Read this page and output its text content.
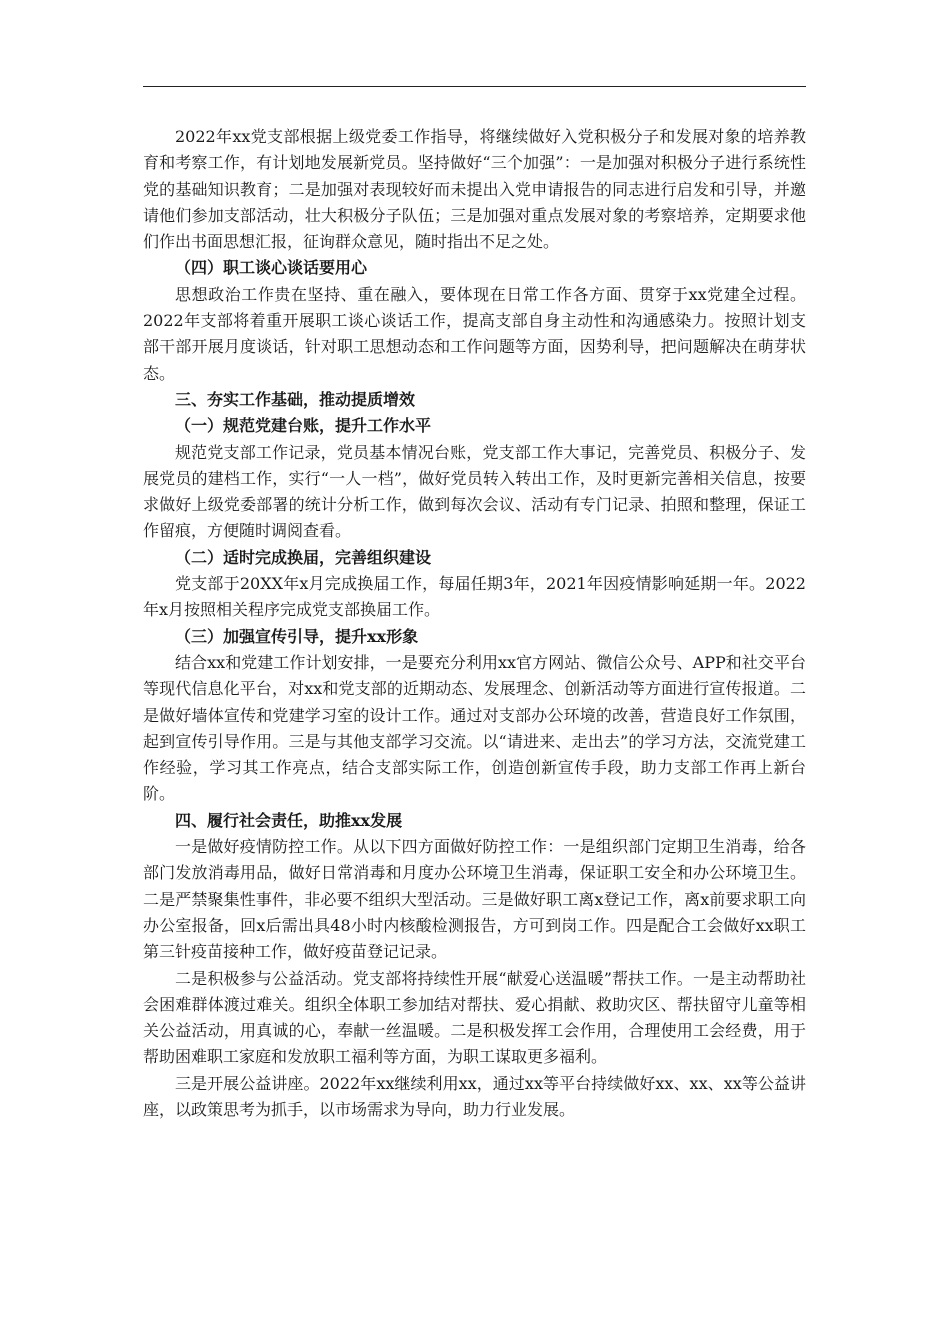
2022年xx党支部根据上级党委工作指导，将继续做好入党积极分子和发展对象的培养教育和考察工作，有计划地发展新党员。坚持做好“三个加强”：一是加强对积极分子进行系统性党的基础知识教育；二是加强对表现较好而未提出入党申请报告的同志进行启发和引导，并邀请他们参加支部活动，壮大积极分子队伍；三是加强对重点发展对象的考察培养，定期要求他们作出书面思想汇报，征询群众意见，随时指出不足之处。

（四）职工谈心谈话要用心

思想政治工作贵在坚持、重在融入，要体现在日常工作各方面、贯穿于xx党建全过程。2022年支部将着重开展职工谈心谈话工作，提高支部自身主动性和沟通感染力。按照计划支部干部开展月度谈话，针对职工思想动态和工作问题等方面，因势利导，把问题解决在萌芽状态。

三、夯实工作基础，推动提质增效

（一）规范党建台账，提升工作水平

规范党支部工作记录，党员基本情况台账，党支部工作大事记，完善党员、积极分子、发展党员的建档工作，实行“一人一档”，做好党员转入转出工作，及时更新完善相关信息，按要求做好上级党委部署的统计分析工作，做到每次会议、活动有专门记录、拍照和整理，保证工作留痕，方便随时调阅查看。

（二）适时完成换届，完善组织建设

党支部于20XX年x月完成换届工作，每届任期3年，2021年因疫情影响延期一年。2022年x月按照相关程序完成党支部换届工作。

（三）加强宣传引导，提升xx形象

结合xx和党建工作计划安排，一是要充分利用xx官方网站、微信公众号、APP和社交平台等现代信息化平台，对xx和党支部的近期动态、发展理念、创新活动等方面进行宣传报道。二是做好墙体宣传和党建学习室的设计工作。通过对支部办公环境的改善，营造良好工作氛围，起到宣传引导作用。三是与其他支部学习交流。以“请进来、走出去”的学习方法，交流党建工作经验，学习其工作亮点，结合支部实际工作，创造创新宣传手段，助力支部工作再上新台阶。

四、履行社会责任，助推xx发展

一是做好疫情防控工作。从以下四方面做好防控工作：一是组织部门定期卫生消毒，给各部门发放消毒用品，做好日常消毒和月度办公环境卫生消毒，保证职工安全和办公环境卫生。二是严禁聚集性事件，非必要不组织大型活动。三是做好职工离x登记工作，离x前要求职工向办公室报备，回x后需出具48小时内核酸检测报告，方可到岗工作。四是配合工会做好xx职工第三针疫苗接种工作，做好疫苗登记记录。

二是积极参与公益活动。党支部将持续性开展“献爱心送温暖”帮扶工作。一是主动帮助社会困难群体渡过难关。组织全体职工参加结对帮扶、爱心捐献、救助灾区、帮扶留守儿童等相关公益活动，用真诚的心，奉献一丝温暖。二是积极发挥工会作用，合理使用工会经费，用于帮助困难职工家庭和发放职工福利等方面，为职工谋取更多福利。

三是开展公益讲座。2022年xx继续利用xx，通过xx等平台持续做好xx、xx、xx等公益讲座，以政策思考为抓手，以市场需求为导向，助力行业发展。
